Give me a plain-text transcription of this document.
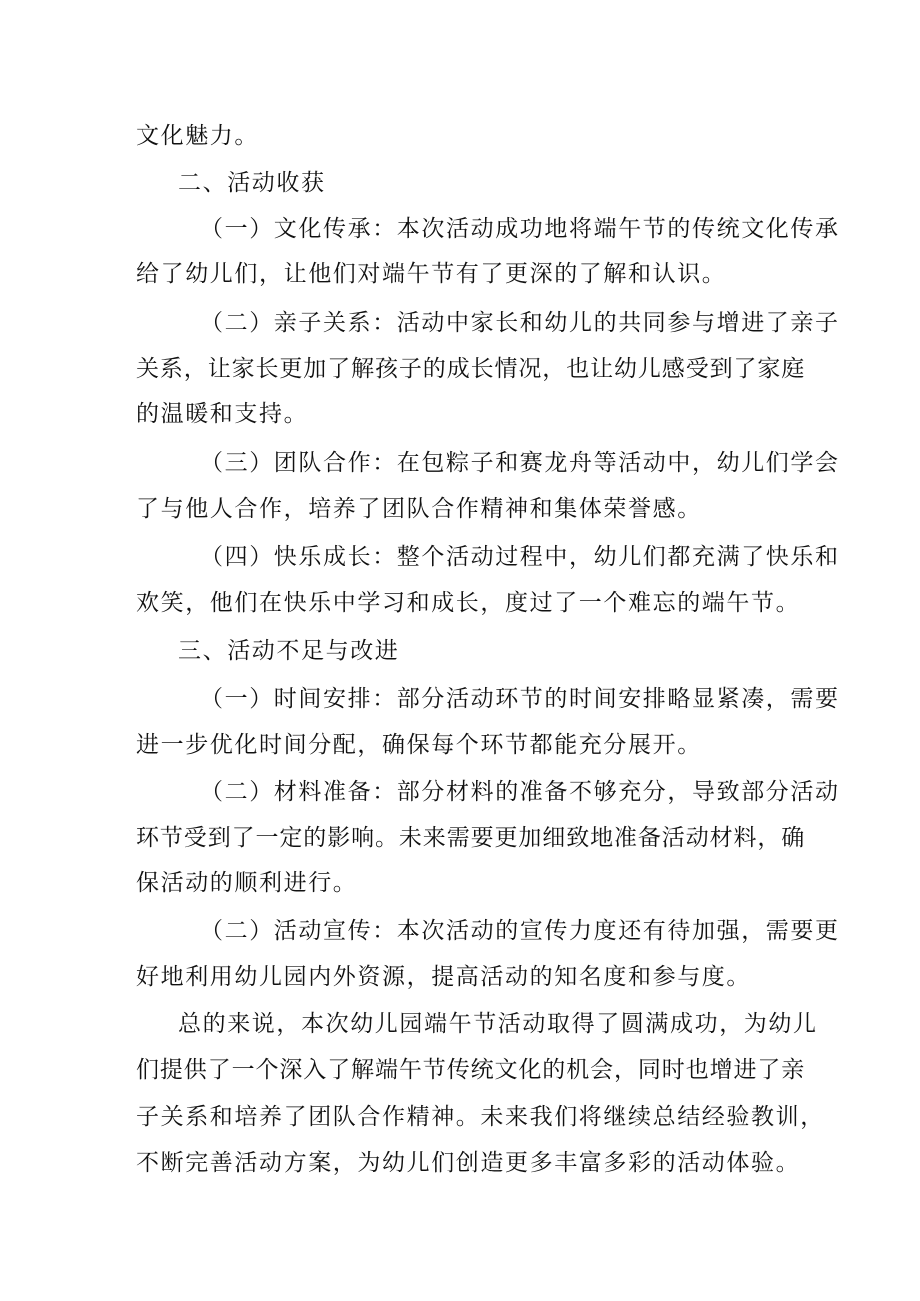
文化魅力。
二、活动收获
（一）文化传承：本次活动成功地将端午节的传统文化传承
给了幼儿们，让他们对端午节有了更深的了解和认识。
（二）亲子关系：活动中家长和幼儿的共同参与增进了亲子
关系，让家长更加了解孩子的成长情况，也让幼儿感受到了家庭
的温暖和支持。
（三）团队合作：在包粽子和赛龙舟等活动中，幼儿们学会
了与他人合作，培养了团队合作精神和集体荣誉感。
（四）快乐成长：整个活动过程中，幼儿们都充满了快乐和
欢笑，他们在快乐中学习和成长，度过了一个难忘的端午节。
三、活动不足与改进
（一）时间安排：部分活动环节的时间安排略显紧凑，需要
进一步优化时间分配，确保每个环节都能充分展开。
（二）材料准备：部分材料的准备不够充分，导致部分活动
环节受到了一定的影响。未来需要更加细致地准备活动材料，确
保活动的顺利进行。
（二）活动宣传：本次活动的宣传力度还有待加强，需要更
好地利用幼儿园内外资源，提高活动的知名度和参与度。
总的来说，本次幼儿园端午节活动取得了圆满成功，为幼儿
们提供了一个深入了解端午节传统文化的机会，同时也增进了亲
子关系和培养了团队合作精神。未来我们将继续总结经验教训，
不断完善活动方案，为幼儿们创造更多丰富多彩的活动体验。
